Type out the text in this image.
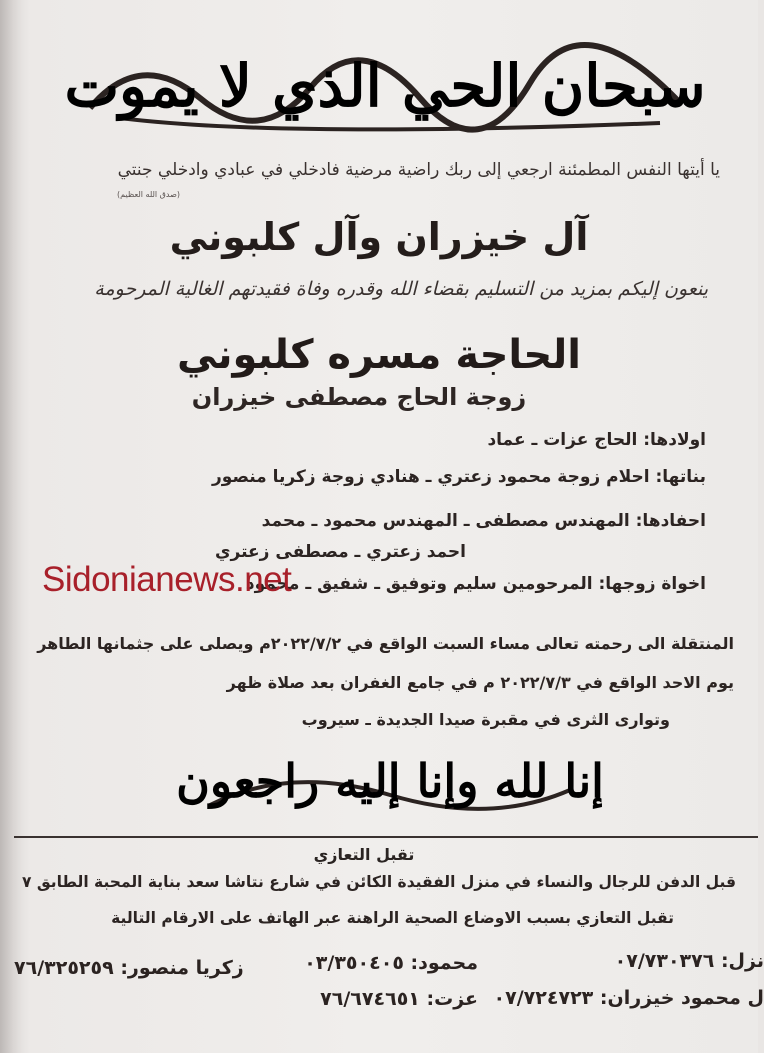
سبحان الحي الذي لا يموت
يا أيتها النفس المطمئنة ارجعي إلى ربك راضية مرضية فادخلي في عبادي وادخلي جنتي
(صدق الله العظيم)
آل خيزران وآل كلبوني
ينعون إليكم بمزيد من التسليم بقضاء الله وقدره وفاة فقيدتهم الغالية المرحومة
الحاجة مسره كلبوني
زوجة الحاج مصطفى خيزران
اولادها: الحاج عزات ـ عماد
بناتها: احلام زوجة محمود زعتري ـ هنادي زوجة زكريا منصور
احفادها: المهندس مصطفى ـ المهندس محمود ـ محمد
احمد زعتري ـ مصطفى زعتري
اخواة زوجها: المرحومين سليم وتوفيق ـ شفيق ـ محمود
Sidonianews.net
المنتقلة الى رحمته تعالى مساء السبت الواقع في ٢٠٢٢/٧/٢م ويصلى على جثمانها الطاهر
يوم الاحد الواقع في ٢٠٢٢/٧/٣ م في جامع الغفران بعد صلاة ظهر
وتوارى الثرى في مقبرة صيدا الجديدة ـ سيروب
إنا لله وإنا إليه راجعون
تقبل التعازي
قبل الدفن للرجال والنساء في منزل الفقيدة الكائن في شارع نتاشا سعد بناية المحبة الطابق ٧
تقبل التعازي بسبب الاوضاع الصحية الراهنة عبر الهاتف على الارقام التالية
نزل: ٠٧/٧٣٠٣٧٦
محمود: ٠٣/٣٥٠٤٠٥
زكريا منصور: ٧٦/٣٢٥٢٥٩
ل محمود خيزران: ٠٧/٧٢٤٧٢٣
عزت: ٧٦/٦٧٤٦٥١
